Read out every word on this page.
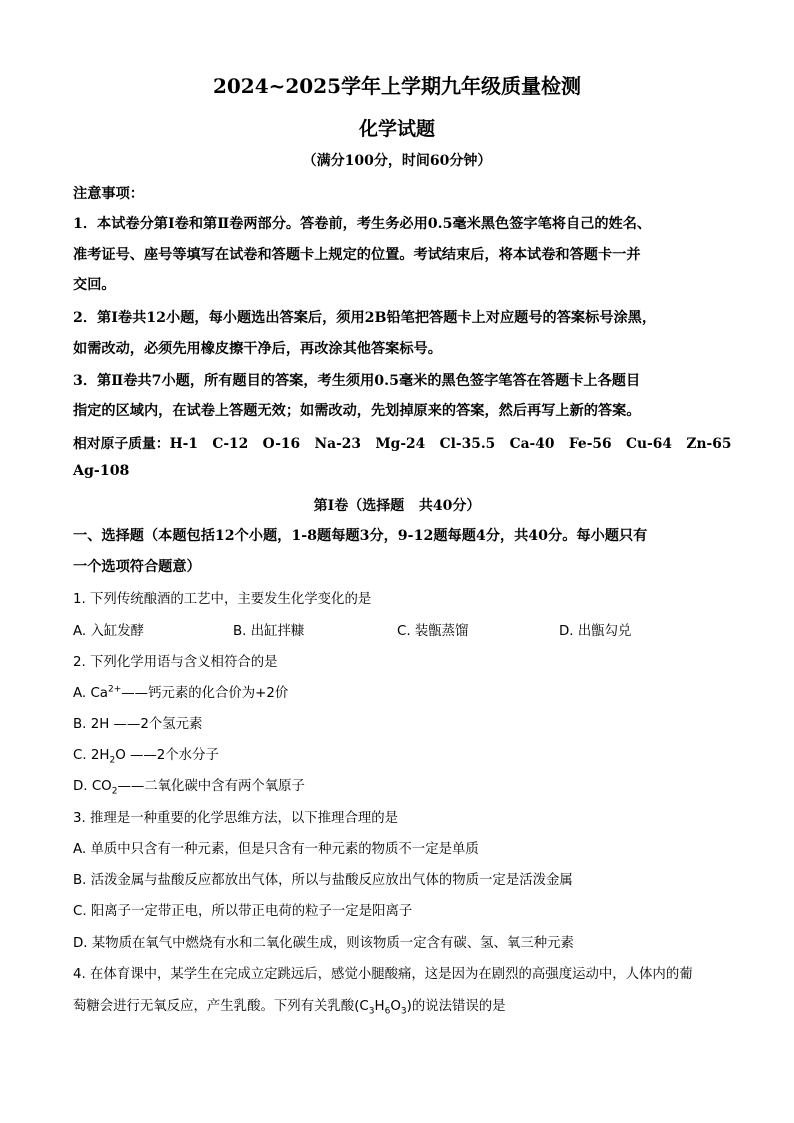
2024~2025学年上学期九年级质量检测
化学试题
（满分100分，时间60分钟）
注意事项：
1．本试卷分第Ⅰ卷和第Ⅱ卷两部分。答卷前，考生务必用0.5毫米黑色签字笔将自己的姓名、
准考证号、座号等填写在试卷和答题卡上规定的位置。考试结束后，将本试卷和答题卡一并
交回。
2．第Ⅰ卷共12小题，每小题选出答案后，须用2B铅笔把答题卡上对应题号的答案标号涂黑，
如需改动，必须先用橡皮擦干净后，再改涂其他答案标号。
3．第Ⅱ卷共7小题，所有题目的答案，考生须用0.5毫米的黑色签字笔答在答题卡上各题目
指定的区域内，在试卷上答题无效；如需改动，先划掉原来的答案，然后再写上新的答案。
相对原子质量：H-1   C-12   O-16   Na-23   Mg-24   Cl-35.5   Ca-40   Fe-56   Cu-64   Zn-65
Ag-108
第Ⅰ卷（选择题   共40分）
一、选择题（本题包括12个小题，1-8题每题3分，9-12题每题4分，共40分。每小题只有
一个选项符合题意）
1. 下列传统酿酒的工艺中，主要发生化学变化的是
A. 入缸发酵	B. 出缸拌糠	C. 装甑蒸馏	D. 出甑勾兑
2. 下列化学用语与含义相符合的是
A. $Ca^{2+}——$钙元素的化合价为+2价
B. 2H ——2个氢元素
C. $2H_2O$ ——2个水分子
D. $CO_2——$二氧化碳中含有两个氧原子
3. 推理是一种重要的化学思维方法，以下推理合理的是
A. 单质中只含有一种元素，但是只含有一种元素的物质不一定是单质
B. 活泼金属与盐酸反应都放出气体，所以与盐酸反应放出气体的物质一定是活泼金属
C. 阳离子一定带正电，所以带正电荷的粒子一定是阳离子
D. 某物质在氧气中燃烧有水和二氧化碳生成，则该物质一定含有碳、氢、氧三种元素
4. 在体育课中，某学生在完成立定跳远后，感觉小腿酸痛，这是因为在剧烈的高强度运动中，人体内的葡
萄糖会进行无氧反应，产生乳酸。下列有关乳酸$(C_3H_6O_3)$的说法错误的是
